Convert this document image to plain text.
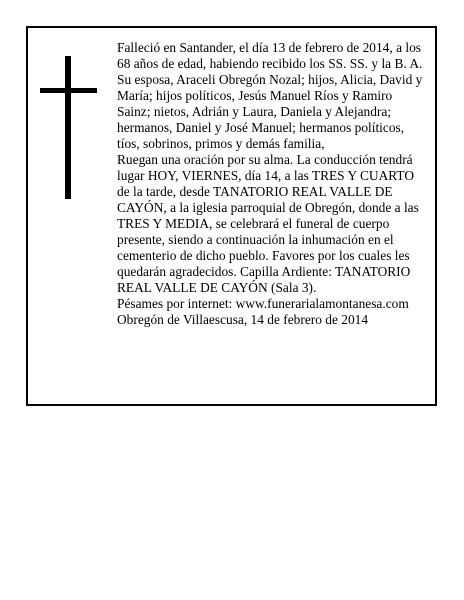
Falleció en Santander, el día 13 de febrero de 2014, a los 68 años de edad, habiendo recibido los SS. SS. y la B. A.

Su esposa, Araceli Obregón Nozal; hijos, Alicia, David y María; hijos políticos, Jesús Manuel Ríos y Ramiro Sainz; nietos, Adrián y Laura, Daniela y Alejandra; hermanos, Daniel y José Manuel; hermanos políticos, tíos, sobrinos, primos y demás familia,

Ruegan una oración por su alma. La conducción tendrá lugar HOY, VIERNES, día 14, a las TRES Y CUARTO de la tarde, desde TANATORIO REAL VALLE DE CAYÓN, a la iglesia parroquial de Obregón, donde a las TRES Y MEDIA, se celebrará el funeral de cuerpo presente, siendo a continuación la inhumación en el cementerio de dicho pueblo. Favores por los cuales les quedarán agradecidos. Capilla Ardiente: TANATORIO REAL VALLE DE CAYÓN (Sala 3).

Pésames por internet: www.funerarialamontanesa.com

Obregón de Villaescusa, 14 de febrero de 2014
